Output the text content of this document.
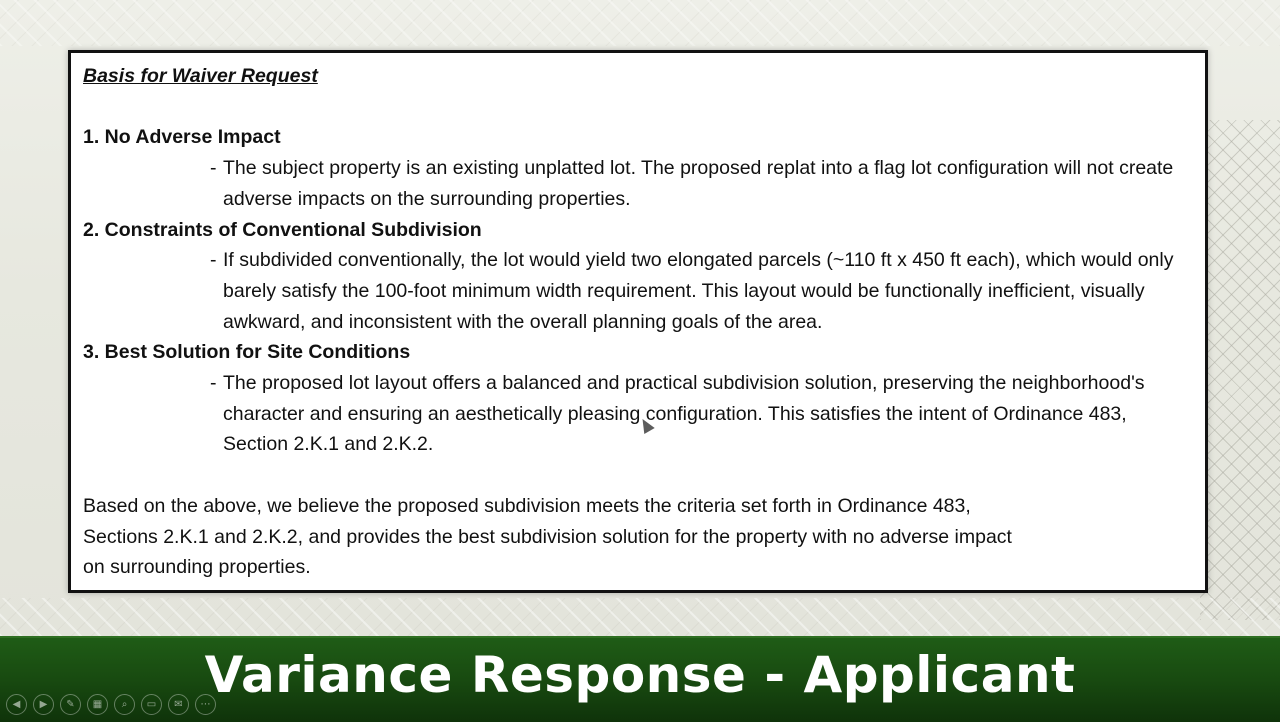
Basis for Waiver Request
1. No Adverse Impact
- The subject property is an existing unplatted lot. The proposed replat into a flag lot configuration will not create adverse impacts on the surrounding properties.
2. Constraints of Conventional Subdivision
- If subdivided conventionally, the lot would yield two elongated parcels (~110 ft x 450 ft each), which would only barely satisfy the 100-foot minimum width requirement. This layout would be functionally inefficient, visually awkward, and inconsistent with the overall planning goals of the area.
3. Best Solution for Site Conditions
- The proposed lot layout offers a balanced and practical subdivision solution, preserving the neighborhood's character and ensuring an aesthetically pleasing configuration. This satisfies the intent of Ordinance 483, Section 2.K.1 and 2.K.2.
Based on the above, we believe the proposed subdivision meets the criteria set forth in Ordinance 483, Sections 2.K.1 and 2.K.2, and provides the best subdivision solution for the property with no adverse impact on surrounding properties.
Variance Response - Applicant
◀	▶	✎	▦	⌕	▭	✉	⋯
